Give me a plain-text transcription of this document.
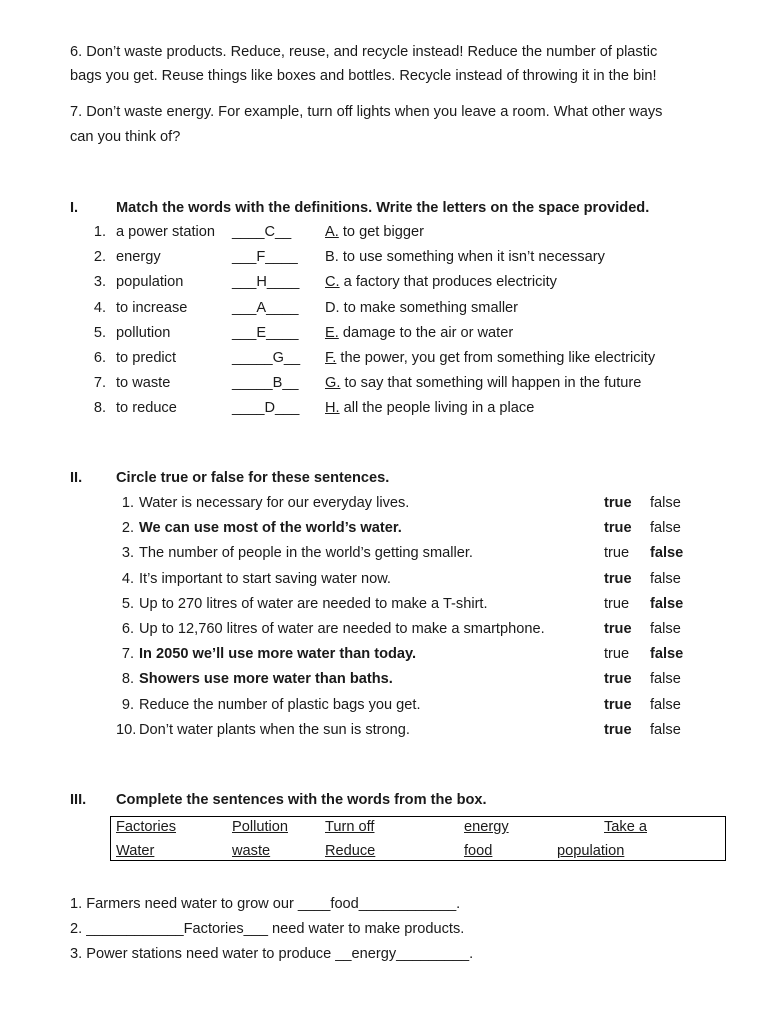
6. Don’t waste products. Reduce, reuse, and recycle instead! Reduce the number of plastic
bags you get. Reuse things like boxes and bottles. Recycle instead of throwing it in the bin!
7. Don’t waste energy. For example, turn off lights when you leave a room. What other ways
can you think of?
I.	Match the words with the definitions. Write the letters on the space provided.
1. a power station ____C__ A. to get bigger
2. energy	___F____ B. to use something when it isn’t necessary
3. population	___H____ C. a factory that produces electricity
4. to increase	___A____ D. to make something smaller
5. pollution	___E____ E. damage to the air or water
6. to predict	_____G__ F. the power, you get from something like electricity
7. to waste	_____B__ G. to say that something will happen in the future
8. to reduce	____D___ H. all the people living in a place
II. Circle true or false for these sentences.
1. Water is necessary for our everyday lives.	true false
2. We can use most of the world’s water.	true false
3. The number of people in the world’s getting smaller.	true false
4. It’s important to start saving water now.	true false
5. Up to 270 litres of water are needed to make a T-shirt.	true false
6. Up to 12,760 litres of water are needed to make a smartphone.	true false
7. In 2050 we’ll use more water than today.	true false
8. Showers use more water than baths.	true false
9. Reduce the number of plastic bags you get.	true false
10. Don’t water plants when the sun is strong.	true false
III. Complete the sentences with the words from the box.
Factories	Pollution	Turn off	energy	Take a
Water	waste	Reduce	food	population
1. Farmers need water to grow our ____food____________.
2. ____________Factories___ need water to make products.
3. Power stations need water to produce __energy_________.
